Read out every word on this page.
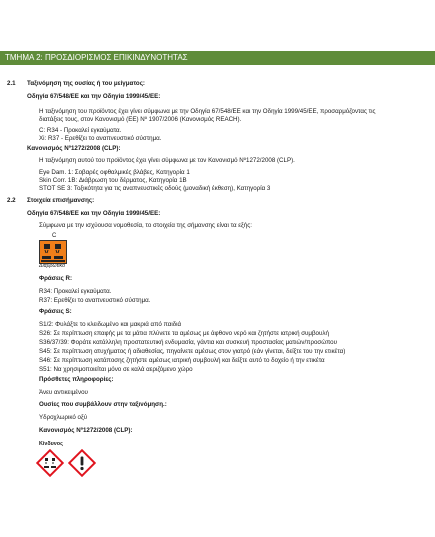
ΤΜΗΜΑ 2: ΠΡΟΣΔΙΟΡΙΣΜΟΣ ΕΠΙΚΙΝΔΥΝΟΤΗΤΑΣ
2.1 Ταξινόμηση της ουσίας ή του μείγματος:
Οδηγία 67/548/ΕΕ και την Οδηγία 1999/45/ΕΕ:
Η ταξινόμηση του προϊόντος έχει γίνει σύμφωνα με την Οδηγία 67/548/ΕΕ και την Οδηγία 1999/45/ΕΕ, προσαρμόζοντας τις
διατάξεις τους, στον Κανονισμό (ΕΕ) Nº 1907/2006 (Κανονισμός REACH).
C: R34 - Προκαλεί εγκαύματα.
Xi: R37 - Ερεθίζει το αναπνευστικό σύστημα.
Κανονισμός Nº1272/2008 (CLP):
Η ταξινόμηση αυτού του προϊόντος έχει γίνει σύμφωνα με τον Κανονισμό Nº1272/2008 (CLP).
Eye Dam. 1: Σοβαρές οφθαλμικές βλάβες, Κατηγορία 1
Skin Corr. 1B: Διάβρωση του δέρματος, Κατηγορία 1B
STOT SE 3: Τοξικότητα για τις αναπνευστικές οδούς (μοναδική έκθεση), Κατηγορία 3
2.2 Στοιχεία επισήμανσης:
Οδηγία 67/548/ΕΕ και την Οδηγία 1999/45/ΕΕ:
Σύμφωνα με την ισχύουσα νομοθεσία, το στοιχεία της σήμανσης είναι τα εξής:
C
Διαβρωτικό
Φράσεις R:
R34: Προκαλεί εγκαύματα.
R37: Ερεθίζει το αναπνευστικό σύστημα.
Φράσεις S:
S1/2: Φυλάξτε το κλειδωμένο και μακριά από παιδιά
S26: Σε περίπτωση επαφής με τα μάτια πλύνετε τα αμέσως με άφθονο νερό και ζητήστε ιατρική συμβουλή
S36/37/39: Φοράτε κατάλληλη προστατευτική ενδυμασία, γάντια και συσκευή προστασίας ματιών/προσώπου
S45: Σε περίπτωση ατυχήματος ή αδιαθεσίας, πηγαίνετε αμέσως στον γιατρό (εάν γίνεται, δείξτε του την ετικέτα)
S46: Σε περίπτωση κατάποσης ζητήστε αμέσως ιατρική συμβουλή και δείξτε αυτό το δοχείο ή την ετικέτα
S51: Να χρησιμοποιείται μόνο σε καλά αεριζόμενο χώρο
Πρόσθετες πληροφορίες:
Άνευ αντικειμένου
Ουσίες που συμβάλλουν στην ταξινόμηση.:
Υδροχλωρικό οξύ
Κανονισμός Nº1272/2008 (CLP):
Κίνδυνος
